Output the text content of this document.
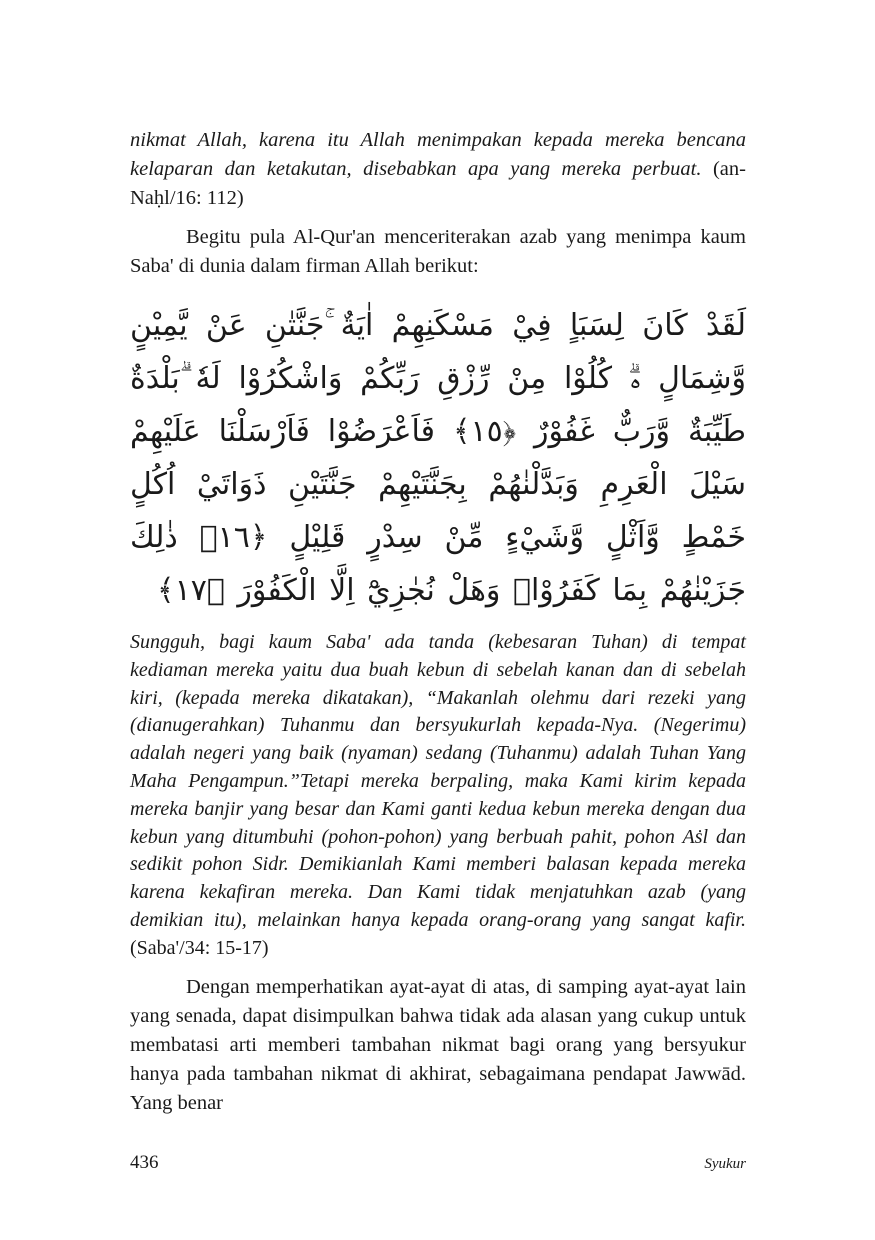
nikmat Allah, karena itu Allah menimpakan kepada mereka bencana kelaparan dan ketakutan, disebabkan apa yang mereka perbuat. (an-Naḥl/16: 112)

Begitu pula Al-Qur'an menceriterakan azab yang menimpa kaum Saba' di dunia dalam firman Allah berikut:

لَقَدْ كَانَ لِسَبَاٍ فِيْ مَسْكَنِهِمْ اٰيَةٌ ۚجَنَّتٰنِ عَنْ يَّمِيْنٍ وَّشِمَالٍ ەۗ كُلُوْا مِنْ رِّزْقِ رَبِّكُمْ وَاشْكُرُوْا لَهٗ ۗبَلْدَةٌ طَيِّبَةٌ وَّرَبٌّ غَفُوْرٌ ﴿١٥﴾ فَاَعْرَضُوْا فَاَرْسَلْنَا عَلَيْهِمْ سَيْلَ الْعَرِمِ وَبَدَّلْنٰهُمْ بِجَنَّتَيْهِمْ جَنَّتَيْنِ ذَوَاتَيْ اُكُلٍ خَمْطٍ وَّاَثْلٍ وَّشَيْءٍ مِّنْ سِدْرٍ قَلِيْلٍ ﴿١٦﴾ ذٰلِكَ جَزَيْنٰهُمْ بِمَا كَفَرُوْاۗ وَهَلْ نُجٰزِيْٓ اِلَّا الْكَفُوْرَ ﴿١٧﴾

Sungguh, bagi kaum Saba' ada tanda (kebesaran Tuhan) di tempat kediaman mereka yaitu dua buah kebun di sebelah kanan dan di sebelah kiri, (kepada mereka dikatakan), “Makanlah olehmu dari rezeki yang (dianugerahkan) Tuhanmu dan bersyukurlah kepada-Nya. (Negerimu) adalah negeri yang baik (nyaman) sedang (Tuhanmu) adalah Tuhan Yang Maha Pengampun.”Tetapi mereka berpaling, maka Kami kirim kepada mereka banjir yang besar dan Kami ganti kedua kebun mereka dengan dua kebun yang ditumbuhi (pohon-pohon) yang berbuah pahit, pohon Aṡl dan sedikit pohon Sidr. Demikianlah Kami memberi balasan kepada mereka karena kekafiran mereka. Dan Kami tidak menjatuhkan azab (yang demikian itu), melainkan hanya kepada orang-orang yang sangat kafir. (Saba'/34: 15-17)

Dengan memperhatikan ayat-ayat di atas, di samping ayat-ayat lain yang senada, dapat disimpulkan bahwa tidak ada alasan yang cukup untuk membatasi arti memberi tambahan nikmat bagi orang yang bersyukur hanya pada tambahan nikmat di akhirat, sebagaimana pendapat Jawwād. Yang benar

436	Syukur
